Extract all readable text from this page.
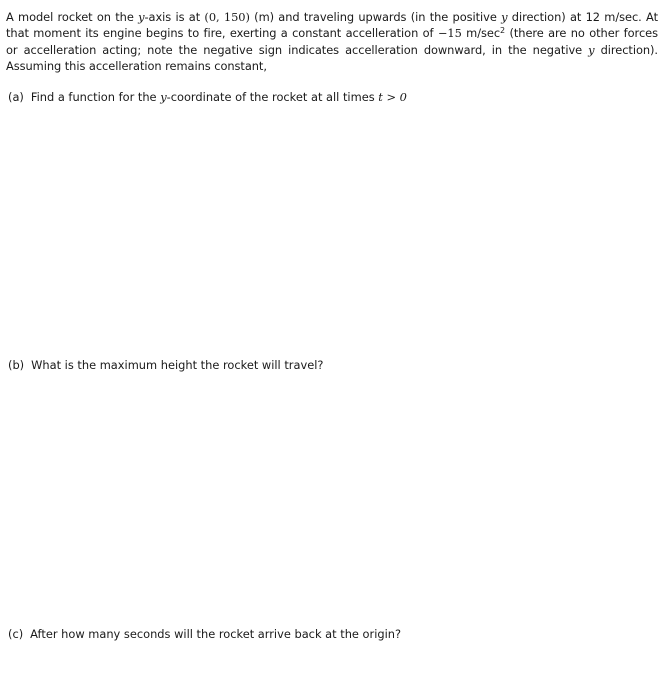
A model rocket on the y-axis is at (0, 150) (m) and traveling upwards (in the positive y direction) at 12 m/sec. At that moment its engine begins to fire, exerting a constant accelleration of −15 $m/\sec^2$ (there are no other forces or accelleration acting; note the negative sign indicates accelleration downward, in the negative y direction). Assuming this accelleration remains constant,
(a) Find a function for the y-coordinate of the rocket at all times t > 0
(b) What is the maximum height the rocket will travel?
(c) After how many seconds will the rocket arrive back at the origin?
